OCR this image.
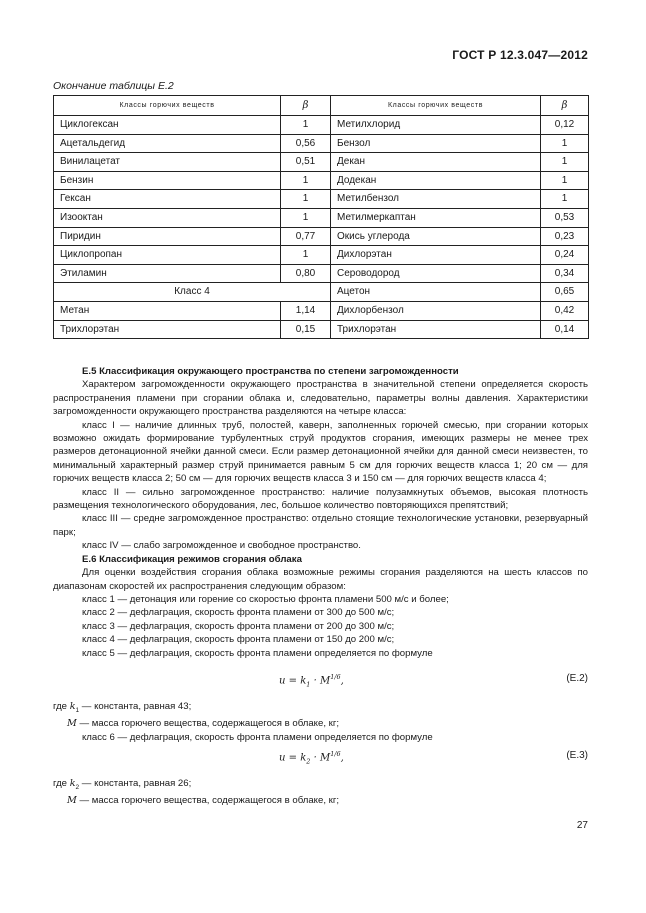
ГОСТ Р 12.3.047—2012
Окончание таблицы Е.2
Классы горючих веществ	β	Классы горючих веществ	β
Циклогексан	1	Метилхлорид	0,12
Ацетальдегид	0,56	Бензол	1
Винилацетат	0,51	Декан	1
Бензин	1	Додекан	1
Гексан	1	Метилбензол	1
Изооктан	1	Метилмеркаптан	0,53
Пиридин	0,77	Окись углерода	0,23
Циклопропан	1	Дихлорэтан	0,24
Этиламин	0,80	Сероводород	0,34
Класс 4		Ацетон	0,65
Метан	1,14	Дихлорбензол	0,42
Трихлорэтан	0,15	Трихлорэтан	0,14

Е.5 Классификация окружающего пространства по степени загроможденности

Характером загроможденности окружающего пространства в значительной степени определяется скорость распространения пламени при сгорании облака и, следовательно, параметры волны давления. Характеристики загроможденности окружающего пространства разделяются на четыре класса:

класс I — наличие длинных труб, полостей, каверн, заполненных горючей смесью, при сгорании которых возможно ожидать формирование турбулентных струй продуктов сгорания, имеющих размеры не менее трех размеров детонационной ячейки данной смеси. Если размер детонационной ячейки для данной смеси неизвестен, то минимальный характерный размер струй принимается равным 5 см для горючих веществ класса 1; 20 см — для горючих веществ класса 2; 50 см — для горючих веществ класса 3 и 150 см — для горючих веществ класса 4;

класс II — сильно загроможденное пространство: наличие полузамкнутых объемов, высокая плотность размещения технологического оборудования, лес, большое количество повторяющихся препятствий;

класс III — средне загроможденное пространство: отдельно стоящие технологические установки, резервуарный парк;

класс IV — слабо загроможденное и свободное пространство.

Е.6 Классификация режимов сгорания облака

Для оценки воздействия сгорания облака возможные режимы сгорания разделяются на шесть классов по диапазонам скоростей их распространения следующим образом:

класс 1 — детонация или горение со скоростью фронта пламени 500 м/с и более;

класс 2 — дефлаграция, скорость фронта пламени от 300 до 500 м/с;

класс 3 — дефлаграция, скорость фронта пламени от 200 до 300 м/с;

класс 4 — дефлаграция, скорость фронта пламени от 150 до 200 м/с;

класс 5 — дефлаграция, скорость фронта пламени определяется по формуле

$u = k_1 \cdot M^{1/6}$,	(Е.2)
где $k_1$ — константа, равная 43;
M — масса горючего вещества, содержащегося в облаке, кг;
класс 6 — дефлаграция, скорость фронта пламени определяется по формуле
$u = k_2 \cdot M^{1/6}$,	(Е.3)
где $k_2$ — константа, равная 26;
M — масса горючего вещества, содержащегося в облаке, кг;
27
